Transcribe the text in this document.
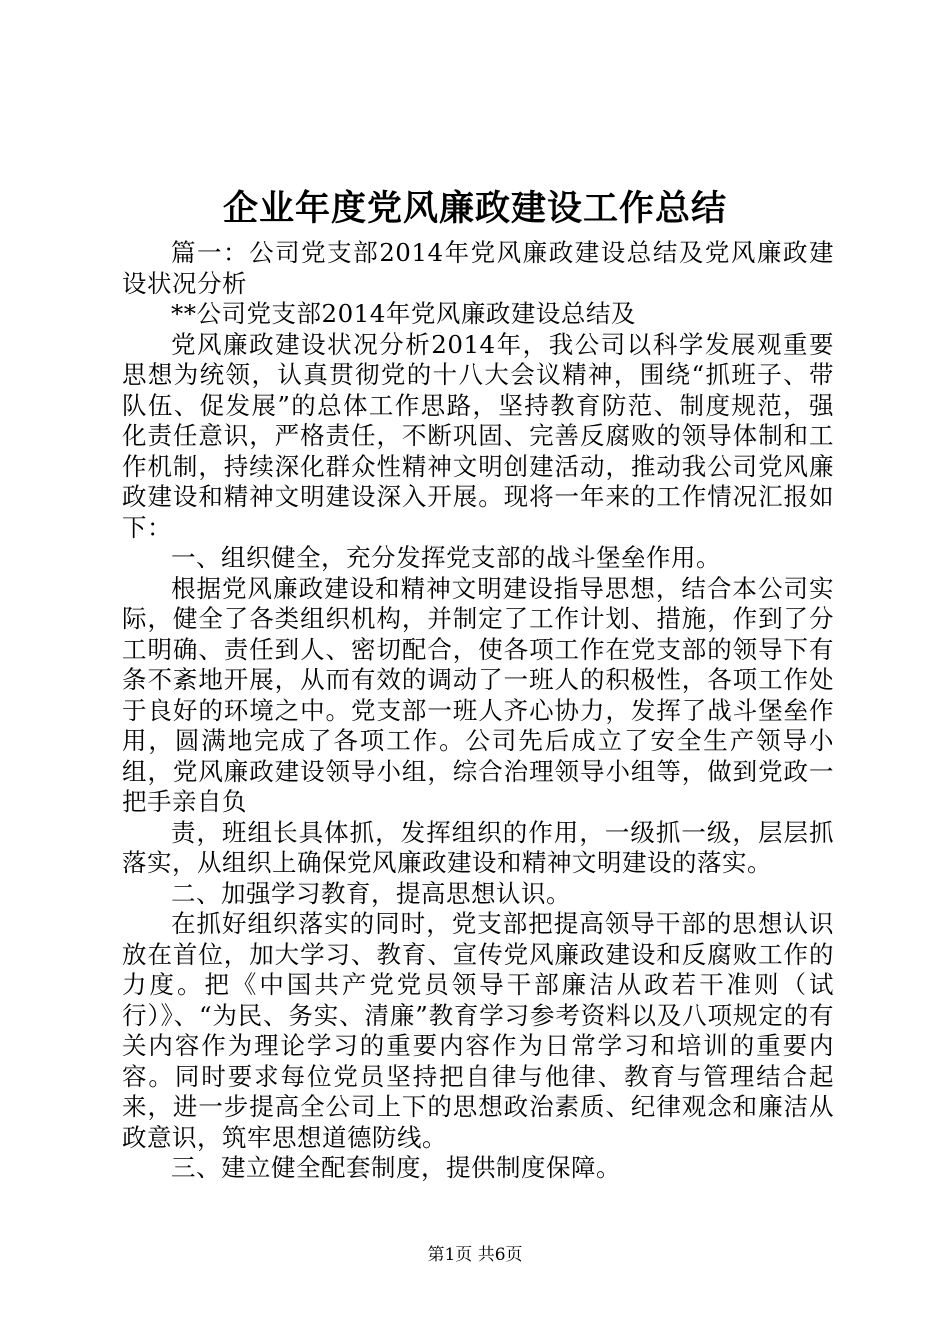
企业年度党风廉政建设工作总结

篇一：公司党支部2014年党风廉政建设总结及党风廉政建设状况分析

**公司党支部2014年党风廉政建设总结及

党风廉政建设状况分析2014年，我公司以科学发展观重要思想为统领，认真贯彻党的十八大会议精神，围绕“抓班子、带队伍、促发展”的总体工作思路，坚持教育防范、制度规范，强化责任意识，严格责任，不断巩固、完善反腐败的领导体制和工作机制，持续深化群众性精神文明创建活动，推动我公司党风廉政建设和精神文明建设深入开展。现将一年来的工作情况汇报如下：

一、组织健全，充分发挥党支部的战斗堡垒作用。

根据党风廉政建设和精神文明建设指导思想，结合本公司实际，健全了各类组织机构，并制定了工作计划、措施，作到了分工明确、责任到人、密切配合，使各项工作在党支部的领导下有条不紊地开展，从而有效的调动了一班人的积极性，各项工作处于良好的环境之中。党支部一班人齐心协力，发挥了战斗堡垒作用，圆满地完成了各项工作。公司先后成立了安全生产领导小组，党风廉政建设领导小组，综合治理领导小组等，做到党政一把手亲自负

责，班组长具体抓，发挥组织的作用，一级抓一级，层层抓落实，从组织上确保党风廉政建设和精神文明建设的落实。

二、加强学习教育，提高思想认识。

在抓好组织落实的同时，党支部把提高领导干部的思想认识放在首位，加大学习、教育、宣传党风廉政建设和反腐败工作的力度。把《中国共产党党员领导干部廉洁从政若干准则（试行）》、“为民、务实、清廉”教育学习参考资料以及八项规定的有关内容作为理论学习的重要内容作为日常学习和培训的重要内容。同时要求每位党员坚持把自律与他律、教育与管理结合起来，进一步提高全公司上下的思想政治素质、纪律观念和廉洁从政意识，筑牢思想道德防线。

三、建立健全配套制度，提供制度保障。

第1页 共6页
